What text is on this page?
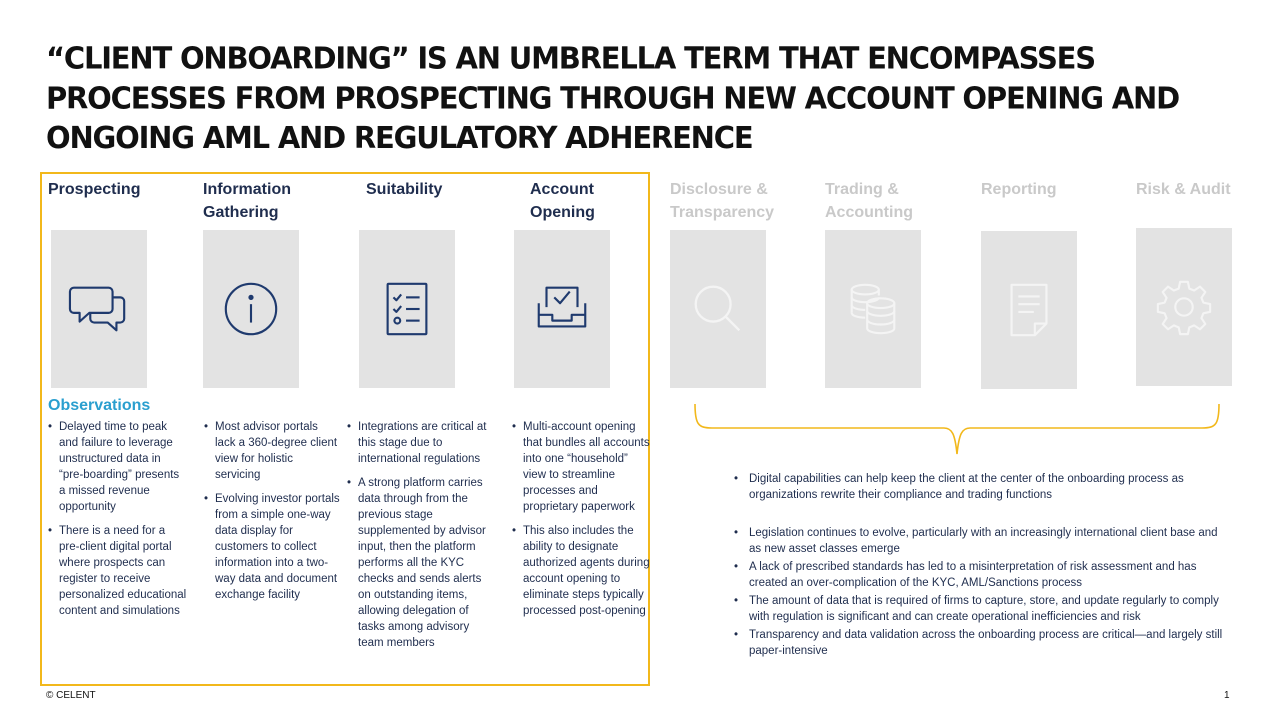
“CLIENT ONBOARDING” IS AN UMBRELLA TERM THAT ENCOMPASSES PROCESSES FROM PROSPECTING THROUGH NEW ACCOUNT OPENING AND ONGOING AML AND REGULATORY ADHERENCE
Prospecting	Information
Gathering
Suitability	Account
Opening
Disclosure &
Transparency
Trading &
Accounting
Reporting	Risk & Audit
Observations
• Delayed time to peak and failure to leverage unstructured data in “pre-boarding” presents a missed revenue opportunity
• There is a need for a pre-client digital portal where prospects can register to receive personalized educational content and simulations
• Most advisor portals lack a 360-degree client view for holistic servicing
• Evolving investor portals from a simple one-way data display for customers to collect information into a two-way data and document exchange facility
• Integrations are critical at this stage due to international regulations
• A strong platform carries data through from the previous stage supplemented by advisor input, then the platform performs all the KYC checks and sends alerts on outstanding items, allowing delegation of tasks among advisory team members
• Multi-account opening that bundles all accounts into one “household” view to streamline processes and proprietary paperwork
• This also includes the ability to designate authorized agents during account opening to eliminate steps typically processed post-opening
• Digital capabilities can help keep the client at the center of the onboarding process as organizations rewrite their compliance and trading functions
• Legislation continues to evolve, particularly with an increasingly international client base and as new asset classes emerge
• A lack of prescribed standards has led to a misinterpretation of risk assessment and has created an over-complication of the KYC, AML/Sanctions process
• The amount of data that is required of firms to capture, store, and update regularly to comply with regulation is significant and can create operational inefficiencies and risk
• Transparency and data validation across the onboarding process are critical—and largely still paper-intensive
© CELENT	1
